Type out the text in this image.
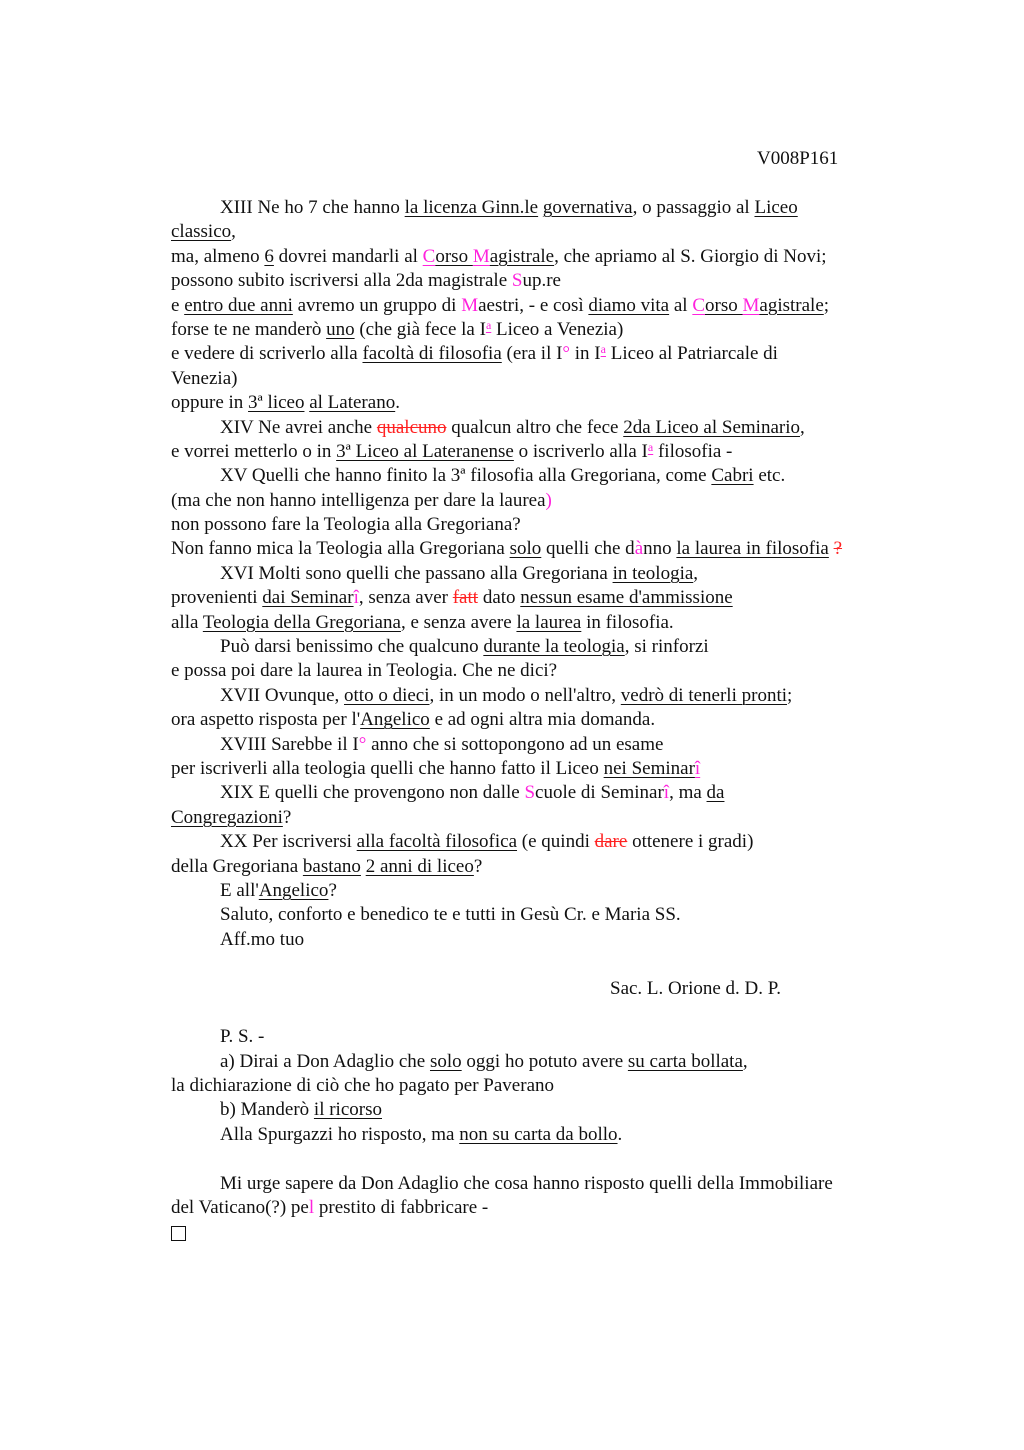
V008P161
XIII Ne ho 7 che hanno la licenza Ginn.le governativa, o passaggio al Liceo
classico,
ma, almeno 6 dovrei mandarli al Corso Magistrale, che apriamo al S. Giorgio di Novi;
possono subito iscriversi alla 2da magistrale Sup.re
e entro due anni avremo un gruppo di Maestri, - e così diamo vita al Corso Magistrale;
forse te ne manderò uno (che già fece la $I^a$ Liceo a Venezia)
e vedere di scriverlo alla facoltà di filosofia (era il I° in $I^a$ Liceo al Patriarcale di
Venezia)
oppure in 3ª liceo al Laterano.
XIV Ne avrei anche qualcuno qualcun altro che fece 2da Liceo al Seminario,
e vorrei metterlo o in 3ª Liceo al Lateranense o iscriverlo alla $I^a$ filosofia -
XV Quelli che hanno finito la 3ª filosofia alla Gregoriana, come Cabri etc.
(ma che non hanno intelligenza per dare la laurea)
non possono fare la Teologia alla Gregoriana?
Non fanno mica la Teologia alla Gregoriana solo quelli che dànno la laurea in filosofia ?
XVI Molti sono quelli che passano alla Gregoriana in teologia,
provenienti dai Seminarî, senza aver fatt dato nessun esame d'ammissione
alla Teologia della Gregoriana, e senza avere la laurea in filosofia.
Può darsi benissimo che qualcuno durante la teologia, si rinforzi
e possa poi dare la laurea in Teologia. Che ne dici?
XVII Ovunque, otto o dieci, in un modo o nell'altro, vedrò di tenerli pronti;
ora aspetto risposta per l'Angelico e ad ogni altra mia domanda.
XVIII Sarebbe il I° anno che si sottopongono ad un esame
per iscriverli alla teologia quelli che hanno fatto il Liceo nei Seminarî
XIX E quelli che provengono non dalle Scuole di Seminarî, ma da
Congregazioni?
XX Per iscriversi alla facoltà filosofica (e quindi dare ottenere i gradi)
della Gregoriana bastano 2 anni di liceo?
E all'Angelico?
Saluto, conforto e benedico te e tutti in Gesù Cr. e Maria SS.
Aff.mo tuo
Sac. L. Orione d. D. P.
P. S. -
a) Dirai a Don Adaglio che solo oggi ho potuto avere su carta bollata,
la dichiarazione di ciò che ho pagato per Paverano
b) Manderò il ricorso
Alla Spurgazzi ho risposto, ma non su carta da bollo.
Mi urge sapere da Don Adaglio che cosa hanno risposto quelli della Immobiliare
del Vaticano(?) pel prestito di fabbricare -
